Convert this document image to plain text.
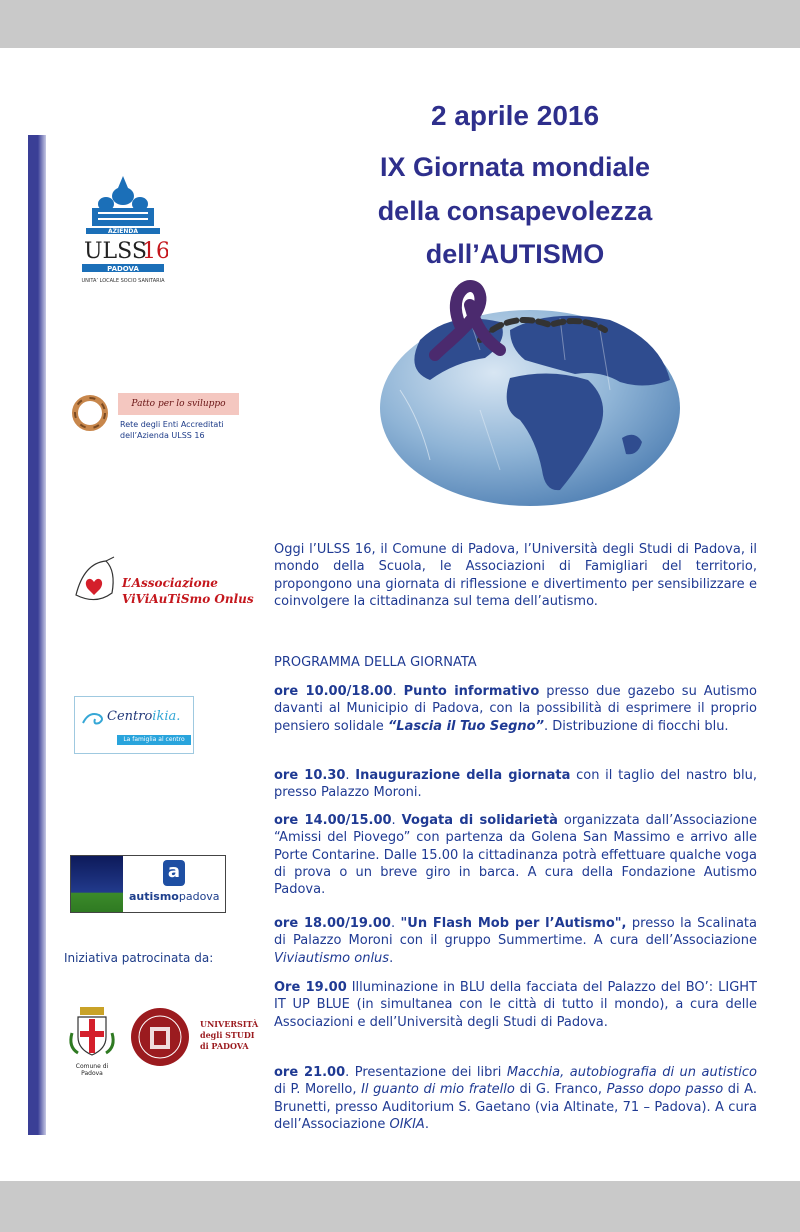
2 aprile 2016
IX Giornata mondiale
della consapevolezza
dell’AUTISMO
AZIENDA
ULSS
16
PADOVA
UNITA’ LOCALE SOCIO SANITARIA
Patto per lo sviluppo
Rete degli Enti Accreditati
dell’Azienda ULSS 16
L’Associazione
ViViAuTiSmo Onlus
Centroikia.
La famiglia al centro
a
autismopadova
Iniziativa patrocinata da:
Comune di Padova
UNIVERSITÀ
degli STUDI
di PADOVA
Oggi l’ULSS 16, il Comune di Padova, l’Università degli Studi di Padova, il mondo della Scuola, le Associazioni di Famigliari del territorio, propongono una giornata di riflessione e divertimento per sensibilizzare e coinvolgere la cittadinanza sul tema dell’autismo.
PROGRAMMA DELLA GIORNATA
ore 10.00/18.00. Punto informativo presso due gazebo su Autismo davanti al Municipio di Padova, con la possibilità di esprimere il proprio pensiero solidale “Lascia il Tuo Segno”. Distribuzione di fiocchi blu.
ore 10.30. Inaugurazione della giornata con il taglio del nastro blu, presso Palazzo Moroni.
ore 14.00/15.00. Vogata di solidarietà organizzata dall’Associazione “Amissi del Piovego” con partenza da Golena San Massimo e arrivo alle Porte Contarine. Dalle 15.00 la cittadinanza potrà effettuare qualche voga di prova o un breve giro in barca. A cura della Fondazione Autismo Padova.
ore 18.00/19.00. "Un Flash Mob per l’Autismo", presso la Scalinata di Palazzo Moroni con il gruppo Summertime. A cura dell’Associazione Viviautismo onlus.
Ore 19.00 Illuminazione in BLU della facciata del Palazzo del BO’: LIGHT IT UP BLUE (in simultanea con le città di tutto il mondo), a cura delle Associazioni e dell’Università degli Studi di Padova.
ore 21.00. Presentazione dei libri Macchia, autobiografia di un autistico di P. Morello, Il guanto di mio fratello di G. Franco, Passo dopo passo di A. Brunetti, presso Auditorium S. Gaetano (via Altinate, 71 – Padova). A cura dell’Associazione OIKIA.
